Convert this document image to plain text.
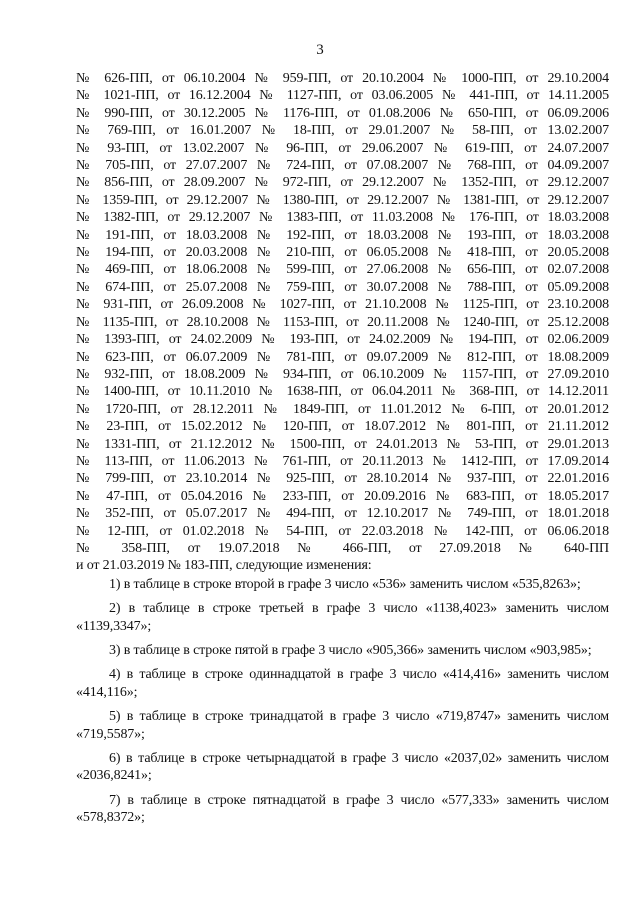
3
№ 626-ПП, от 06.10.2004 № 959-ПП, от 20.10.2004 № 1000-ПП, от 29.10.2004
№ 1021-ПП, от 16.12.2004 № 1127-ПП, от 03.06.2005 № 441-ПП, от 14.11.2005
№ 990-ПП, от 30.12.2005 № 1176-ПП, от 01.08.2006 № 650-ПП, от 06.09.2006
№ 769-ПП, от 16.01.2007 № 18-ПП, от 29.01.2007 № 58-ПП, от 13.02.2007
№ 93-ПП, от 13.02.2007 № 96-ПП, от 29.06.2007 № 619-ПП, от 24.07.2007
№ 705-ПП, от 27.07.2007 № 724-ПП, от 07.08.2007 № 768-ПП, от 04.09.2007
№ 856-ПП, от 28.09.2007 № 972-ПП, от 29.12.2007 № 1352-ПП, от 29.12.2007
№ 1359-ПП, от 29.12.2007 № 1380-ПП, от 29.12.2007 № 1381-ПП, от 29.12.2007
№ 1382-ПП, от 29.12.2007 № 1383-ПП, от 11.03.2008 № 176-ПП, от 18.03.2008
№ 191-ПП, от 18.03.2008 № 192-ПП, от 18.03.2008 № 193-ПП, от 18.03.2008
№ 194-ПП, от 20.03.2008 № 210-ПП, от 06.05.2008 № 418-ПП, от 20.05.2008
№ 469-ПП, от 18.06.2008 № 599-ПП, от 27.06.2008 № 656-ПП, от 02.07.2008
№ 674-ПП, от 25.07.2008 № 759-ПП, от 30.07.2008 № 788-ПП, от 05.09.2008
№ 931-ПП, от 26.09.2008 № 1027-ПП, от 21.10.2008 № 1125-ПП, от 23.10.2008
№ 1135-ПП, от 28.10.2008 № 1153-ПП, от 20.11.2008 № 1240-ПП, от 25.12.2008
№ 1393-ПП, от 24.02.2009 № 193-ПП, от 24.02.2009 № 194-ПП, от 02.06.2009
№ 623-ПП, от 06.07.2009 № 781-ПП, от 09.07.2009 № 812-ПП, от 18.08.2009
№ 932-ПП, от 18.08.2009 № 934-ПП, от 06.10.2009 № 1157-ПП, от 27.09.2010
№ 1400-ПП, от 10.11.2010 № 1638-ПП, от 06.04.2011 № 368-ПП, от 14.12.2011
№ 1720-ПП, от 28.12.2011 № 1849-ПП, от 11.01.2012 № 6-ПП, от 20.01.2012
№ 23-ПП, от 15.02.2012 № 120-ПП, от 18.07.2012 № 801-ПП, от 21.11.2012
№ 1331-ПП, от 21.12.2012 № 1500-ПП, от 24.01.2013 № 53-ПП, от 29.01.2013
№ 113-ПП, от 11.06.2013 № 761-ПП, от 20.11.2013 № 1412-ПП, от 17.09.2014
№ 799-ПП, от 23.10.2014 № 925-ПП, от 28.10.2014 № 937-ПП, от 22.01.2016
№ 47-ПП, от 05.04.2016 № 233-ПП, от 20.09.2016 № 683-ПП, от 18.05.2017
№ 352-ПП, от 05.07.2017 № 494-ПП, от 12.10.2017 № 749-ПП, от 18.01.2018
№ 12-ПП, от 01.02.2018 № 54-ПП, от 22.03.2018 № 142-ПП, от 06.06.2018
№ 358-ПП, от 19.07.2018 № 466-ПП, от 27.09.2018 № 640-ПП
и от 21.03.2019 № 183-ПП, следующие изменения:

1) в таблице в строке второй в графе 3 число «536» заменить числом «535,8263»;

2) в таблице в строке третьей в графе 3 число «1138,4023» заменить числом «1139,3347»;

3) в таблице в строке пятой в графе 3 число «905,366» заменить числом «903,985»;

4) в таблице в строке одиннадцатой в графе 3 число «414,416» заменить числом «414,116»;

5) в таблице в строке тринадцатой в графе 3 число «719,8747» заменить числом «719,5587»;

6) в таблице в строке четырнадцатой в графе 3 число «2037,02» заменить числом «2036,8241»;

7) в таблице в строке пятнадцатой в графе 3 число «577,333» заменить числом «578,8372»;
